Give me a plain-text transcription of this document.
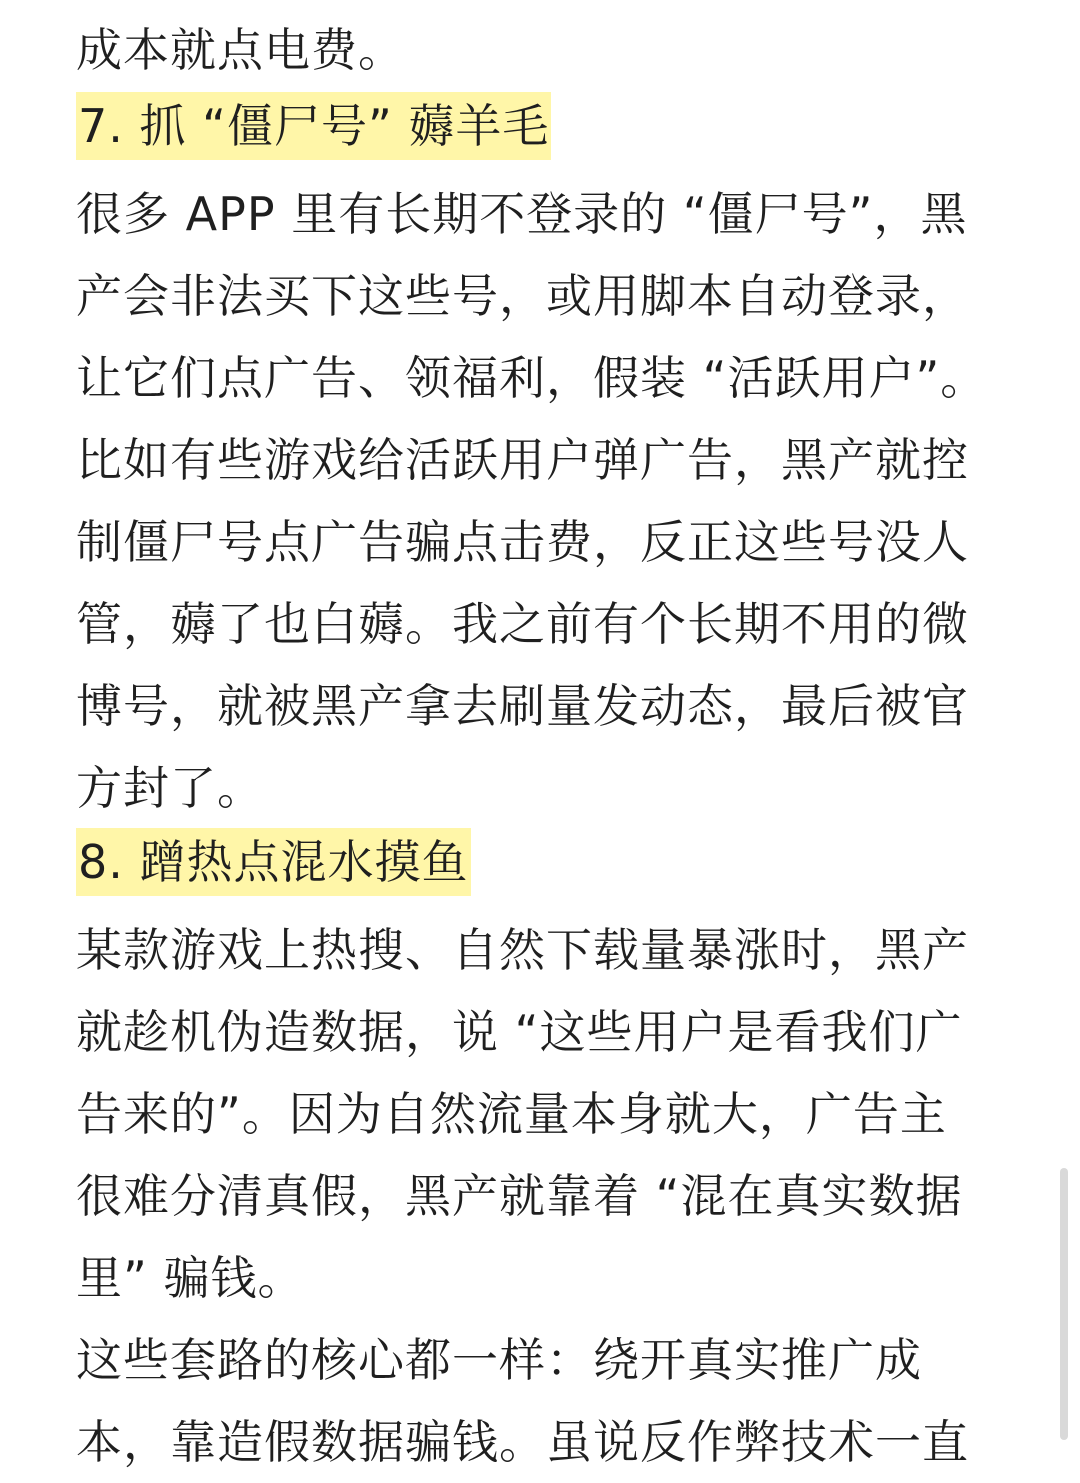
成本就点电费。
7. 抓 “僵尸号” 薅羊毛
很多 APP 里有长期不登录的 “僵尸号”，黑
产会非法买下这些号，或用脚本自动登录，
让它们点广告、领福利，假装 “活跃用户”。
比如有些游戏给活跃用户弹广告，黑产就控
制僵尸号点广告骗点击费，反正这些号没人
管，薅了也白薅。我之前有个长期不用的微
博号，就被黑产拿去刷量发动态，最后被官
方封了。
8. 蹭热点混水摸鱼
某款游戏上热搜、自然下载量暴涨时，黑产
就趁机伪造数据，说 “这些用户是看我们广
告来的”。因为自然流量本身就大，广告主
很难分清真假，黑产就靠着 “混在真实数据
里” 骗钱。
这些套路的核心都一样：绕开真实推广成
本，靠造假数据骗钱。虽说反作弊技术一直
